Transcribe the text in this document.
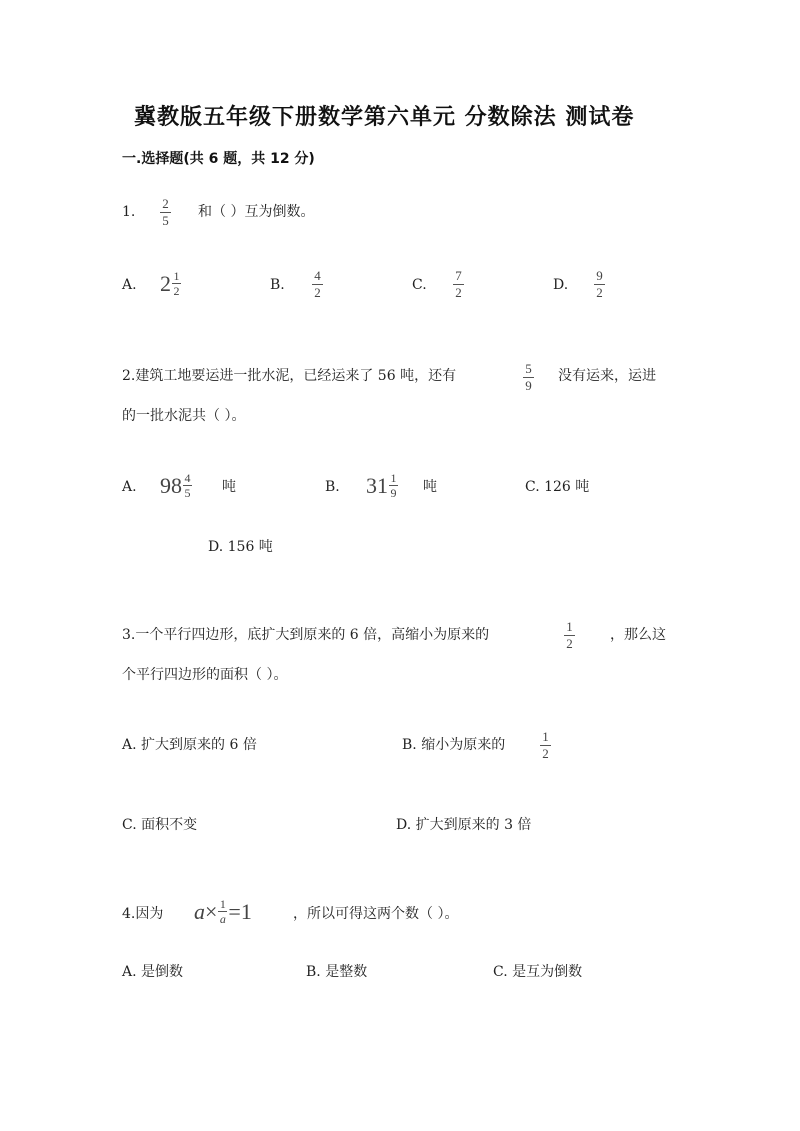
冀教版五年级下册数学第六单元 分数除法 测试卷
一.选择题(共 6 题，共 12 分)
1.
2
5
和（ ）互为倒数。
A. 2 1
2	B.
4
2	C.
7
2	D.
9
2
2.建筑工地要运进一批水泥，已经运来了 56 吨，还有	5
9
没有运来，运进
的一批水泥共（ ）。
A. 98 4
5 吨	B. 31 1
9 吨	C. 126 吨
D. 156 吨
3.一个平行四边形，底扩大到原来的 6 倍，高缩小为原来的
1
2
，那么这
个平行四边形的面积（ ）。
A. 扩大到原来的 6 倍	B. 缩小为原来的
1
2
C. 面积不变	D. 扩大到原来的 3 倍
4.因为 a × 1
a =1	，所以可得这两个数（ ）。
A. 是倒数	B. 是整数	C. 是互为倒数
